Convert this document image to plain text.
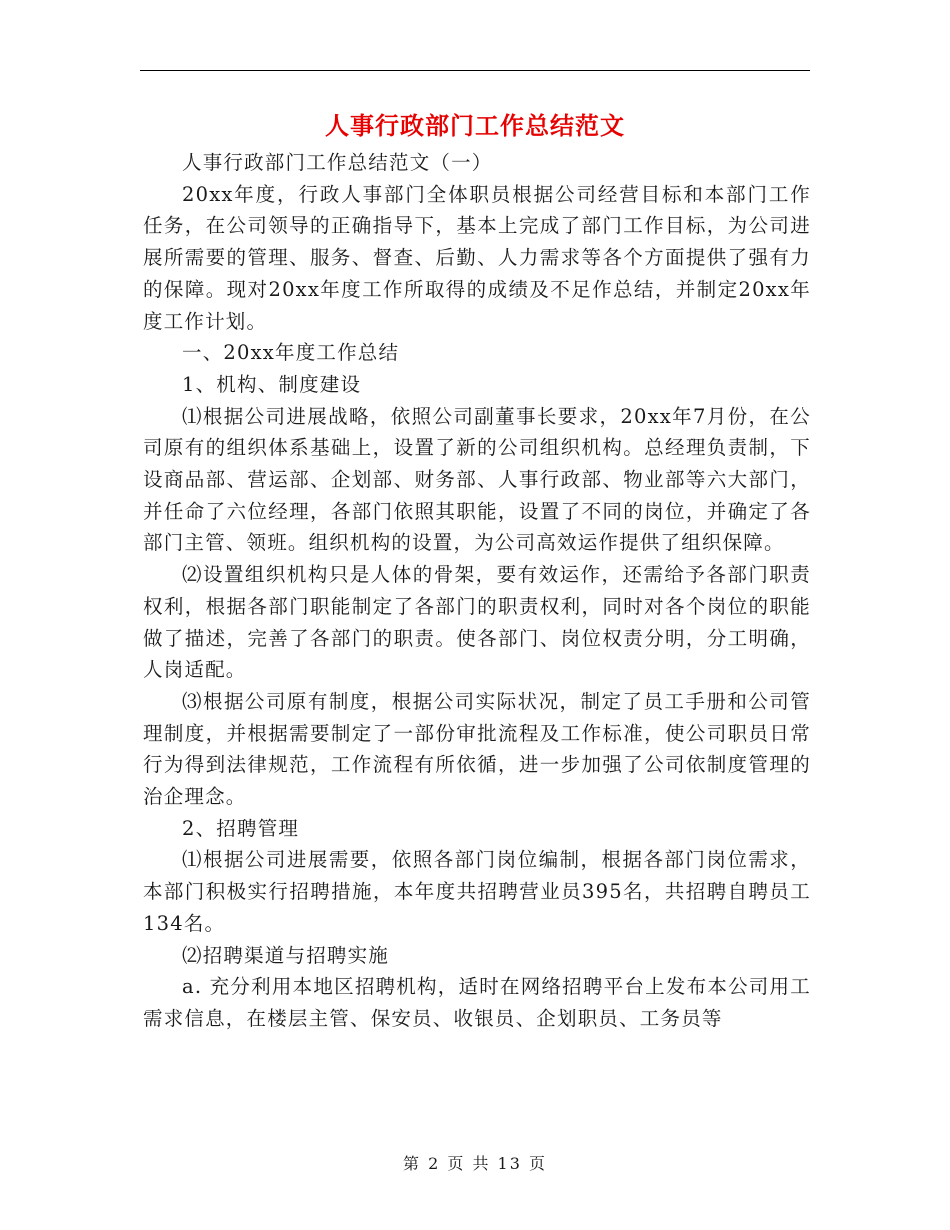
人事行政部门工作总结范文

人事行政部门工作总结范文（一）

20xx年度，行政人事部门全体职员根据公司经营目标和本部门工作任务，在公司领导的正确指导下，基本上完成了部门工作目标，为公司进展所需要的管理、服务、督查、后勤、人力需求等各个方面提供了强有力的保障。现对20xx年度工作所取得的成绩及不足作总结，并制定20xx年度工作计划。

一、20xx年度工作总结

1、机构、制度建设

⑴根据公司进展战略，依照公司副董事长要求，20xx年7月份，在公司原有的组织体系基础上，设置了新的公司组织机构。总经理负责制，下设商品部、营运部、企划部、财务部、人事行政部、物业部等六大部门，并任命了六位经理，各部门依照其职能，设置了不同的岗位，并确定了各部门主管、领班。组织机构的设置，为公司高效运作提供了组织保障。

⑵设置组织机构只是人体的骨架，要有效运作，还需给予各部门职责权利，根据各部门职能制定了各部门的职责权利，同时对各个岗位的职能做了描述，完善了各部门的职责。使各部门、岗位权责分明，分工明确，人岗适配。

⑶根据公司原有制度，根据公司实际状况，制定了员工手册和公司管理制度，并根据需要制定了一部份审批流程及工作标准，使公司职员日常行为得到法律规范，工作流程有所依循，进一步加强了公司依制度管理的治企理念。

2、招聘管理

⑴根据公司进展需要，依照各部门岗位编制，根据各部门岗位需求，本部门积极实行招聘措施，本年度共招聘营业员395名，共招聘自聘员工134名。

⑵招聘渠道与招聘实施

a. 充分利用本地区招聘机构，适时在网络招聘平台上发布本公司用工需求信息，在楼层主管、保安员、收银员、企划职员、工务员等

第 2 页 共 13 页
